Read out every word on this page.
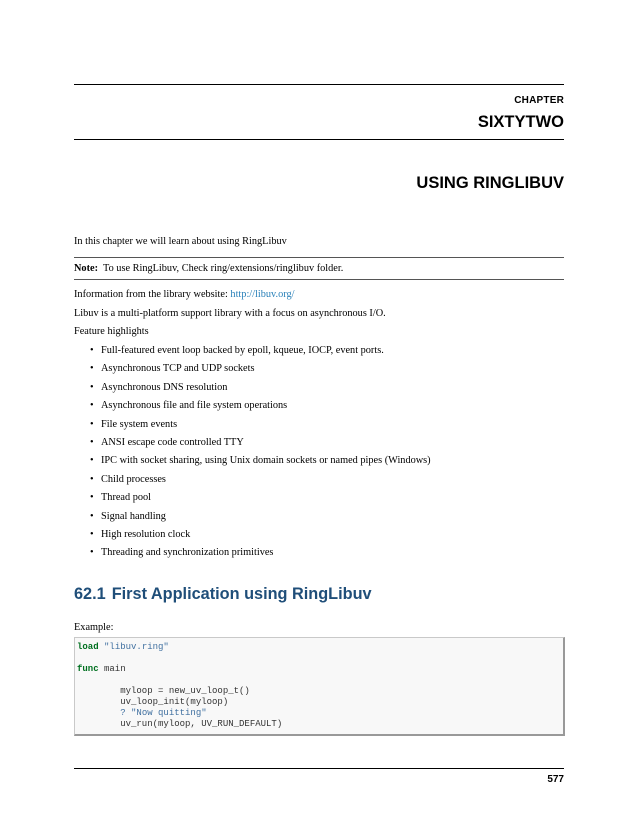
CHAPTER
SIXTYTWO
USING RINGLIBUV
In this chapter we will learn about using RingLibuv
Note: To use RingLibuv, Check ring/extensions/ringlibuv folder.
Information from the library website: http://libuv.org/
Libuv is a multi-platform support library with a focus on asynchronous I/O.
Feature highlights
• Full-featured event loop backed by epoll, kqueue, IOCP, event ports.
• Asynchronous TCP and UDP sockets
• Asynchronous DNS resolution
• Asynchronous file and file system operations
• File system events
• ANSI escape code controlled TTY
• IPC with socket sharing, using Unix domain sockets or named pipes (Windows)
• Child processes
• Thread pool
• Signal handling
• High resolution clock
• Threading and synchronization primitives
62.1 First Application using RingLibuv
Example:
load "libuv.ring"
func main
myloop = new_uv_loop_t()
uv_loop_init(myloop)
? "Now quitting"
uv_run(myloop, UV_RUN_DEFAULT)
577
